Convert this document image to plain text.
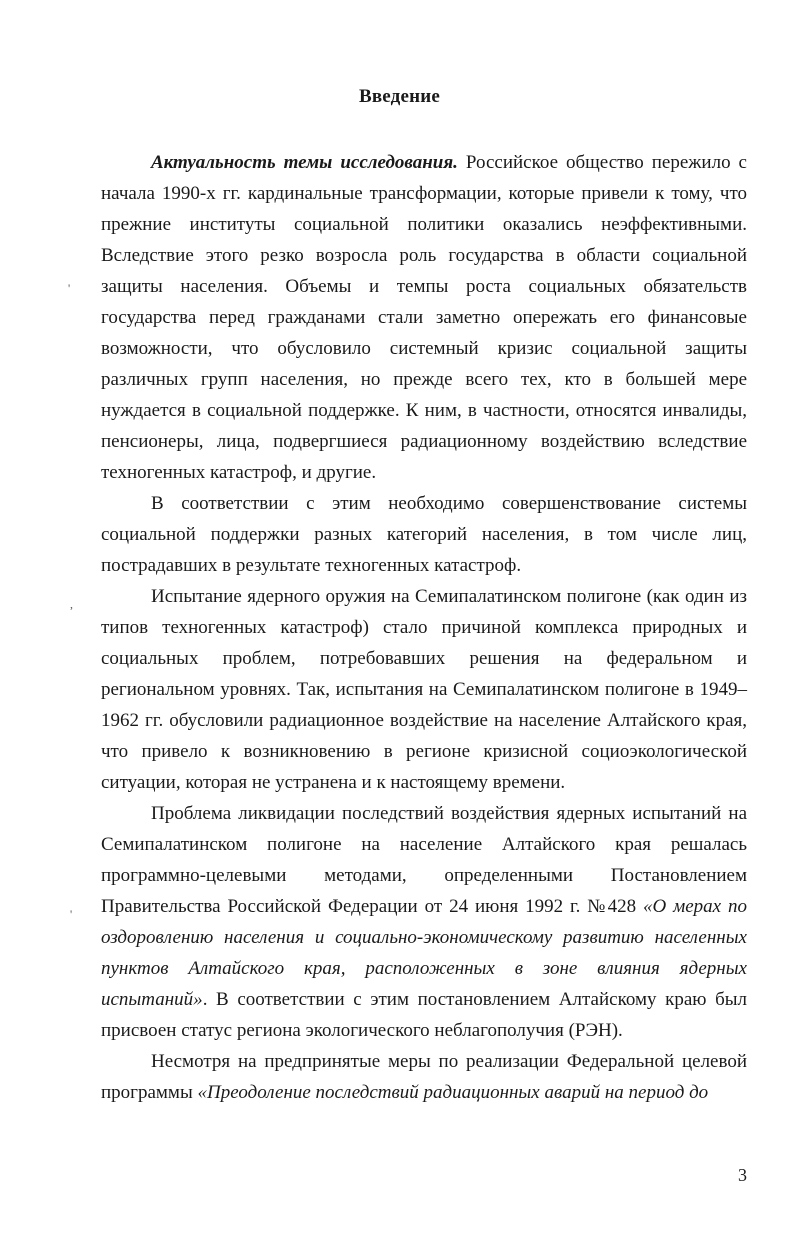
Введение

Актуальность темы исследования. Российское общество пережило с начала 1990-х гг. кардинальные трансформации, которые привели к тому, что прежние институты социальной политики оказались неэффективными. Вследствие этого резко возросла роль государства в области социальной защиты населения. Объемы и темпы роста социальных обязательств государства перед гражданами стали заметно опережать его финансовые возможности, что обусловило системный кризис социальной защиты различных групп населения, но прежде всего тех, кто в большей мере нуждается в социальной поддержке. К ним, в частности, относятся инвалиды, пенсионеры, лица, подвергшиеся радиационному воздействию вследствие техногенных катастроф, и другие.

В соответствии с этим необходимо совершенствование системы социальной поддержки разных категорий населения, в том числе лиц, пострадавших в результате техногенных катастроф.

Испытание ядерного оружия на Семипалатинском полигоне (как один из типов техногенных катастроф) стало причиной комплекса природных и социальных проблем, потребовавших решения на федеральном и региональном уровнях. Так, испытания на Семипалатинском полигоне в 1949–1962 гг. обусловили радиационное воздействие на население Алтайского края, что привело к возникновению в регионе кризисной социоэкологической ситуации, которая не устранена и к настоящему времени.

Проблема ликвидации последствий воздействия ядерных испытаний на Семипалатинском полигоне на население Алтайского края решалась программно-целевыми методами, определенными Постановлением Правительства Российской Федерации от 24 июня 1992 г. №428 «О мерах по оздоровлению населения и социально-экономическому развитию населенных пунктов Алтайского края, расположенных в зоне влияния ядерных испытаний». В соответствии с этим постановлением Алтайскому краю был присвоен статус региона экологического неблагополучия (РЭН).

Несмотря на предпринятые меры по реализации Федеральной целевой программы «Преодоление последствий радиационных аварий на период до

3
'
,
'
